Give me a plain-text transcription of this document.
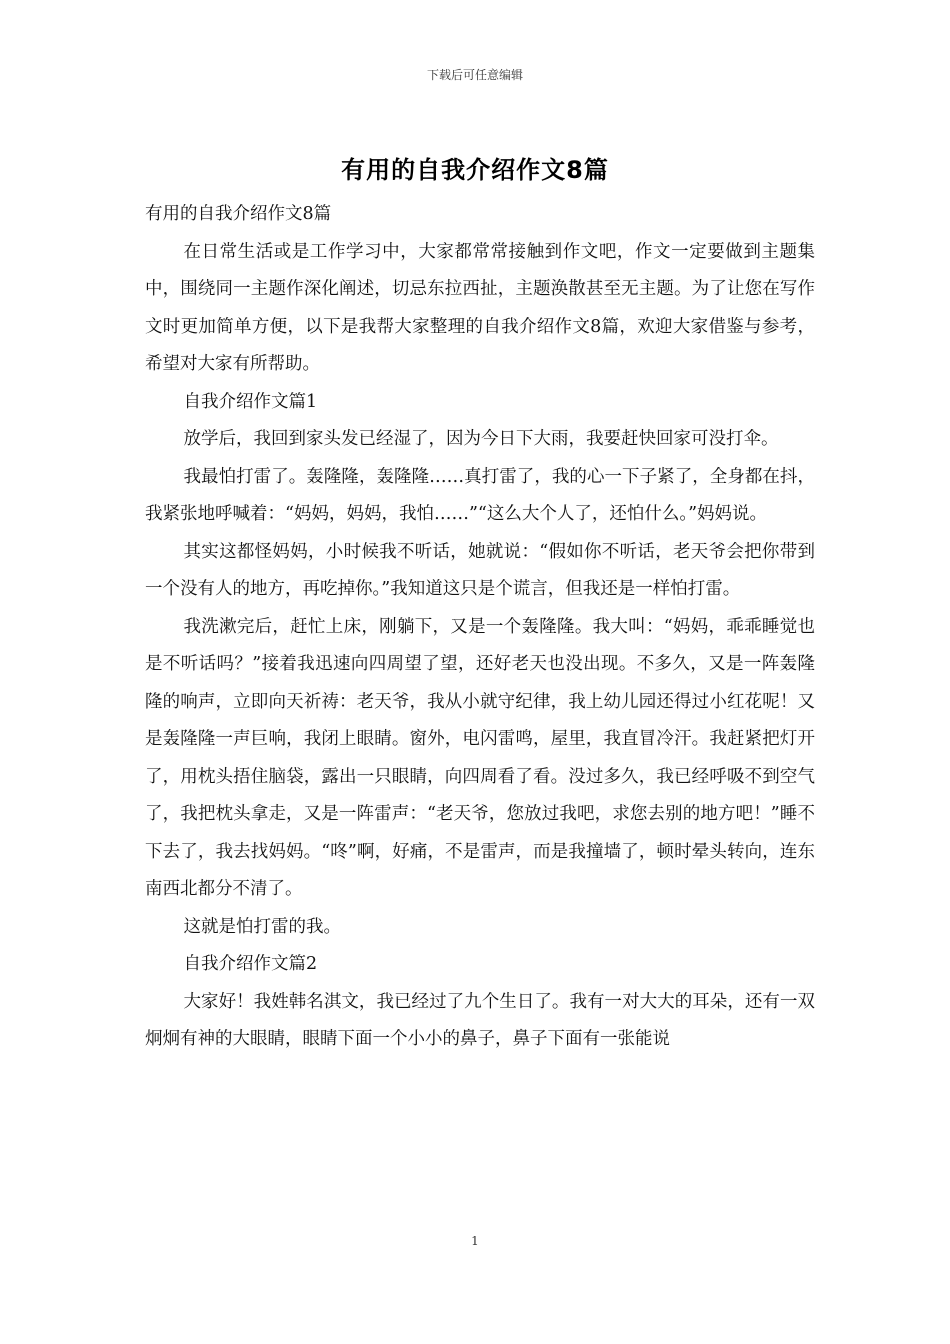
下载后可任意编辑
有用的自我介绍作文8篇

有用的自我介绍作文8篇

在日常生活或是工作学习中，大家都常常接触到作文吧，作文一定要做到主题集中，围绕同一主题作深化阐述，切忌东拉西扯，主题涣散甚至无主题。为了让您在写作文时更加简单方便，以下是我帮大家整理的自我介绍作文8篇，欢迎大家借鉴与参考，希望对大家有所帮助。

自我介绍作文篇1

放学后，我回到家头发已经湿了，因为今日下大雨，我要赶快回家可没打伞。

我最怕打雷了。轰隆隆，轰隆隆……真打雷了，我的心一下子紧了，全身都在抖，我紧张地呼喊着：“妈妈，妈妈，我怕……”“这么大个人了，还怕什么。”妈妈说。

其实这都怪妈妈，小时候我不听话，她就说：“假如你不听话，老天爷会把你带到一个没有人的地方，再吃掉你。”我知道这只是个谎言，但我还是一样怕打雷。

我洗漱完后，赶忙上床，刚躺下，又是一个轰隆隆。我大叫：“妈妈，乖乖睡觉也是不听话吗？”接着我迅速向四周望了望，还好老天也没出现。不多久，又是一阵轰隆隆的响声，立即向天祈祷：老天爷，我从小就守纪律，我上幼儿园还得过小红花呢！又是轰隆隆一声巨响，我闭上眼睛。窗外，电闪雷鸣，屋里，我直冒冷汗。我赶紧把灯开了，用枕头捂住脑袋，露出一只眼睛，向四周看了看。没过多久，我已经呼吸不到空气了，我把枕头拿走，又是一阵雷声：“老天爷，您放过我吧，求您去别的地方吧！”睡不下去了，我去找妈妈。“咚”啊，好痛，不是雷声，而是我撞墙了，顿时晕头转向，连东南西北都分不清了。

这就是怕打雷的我。

自我介绍作文篇2

大家好！我姓韩名淇文，我已经过了九个生日了。我有一对大大的耳朵，还有一双炯炯有神的大眼睛，眼睛下面一个小小的鼻子，鼻子下面有一张能说

1
